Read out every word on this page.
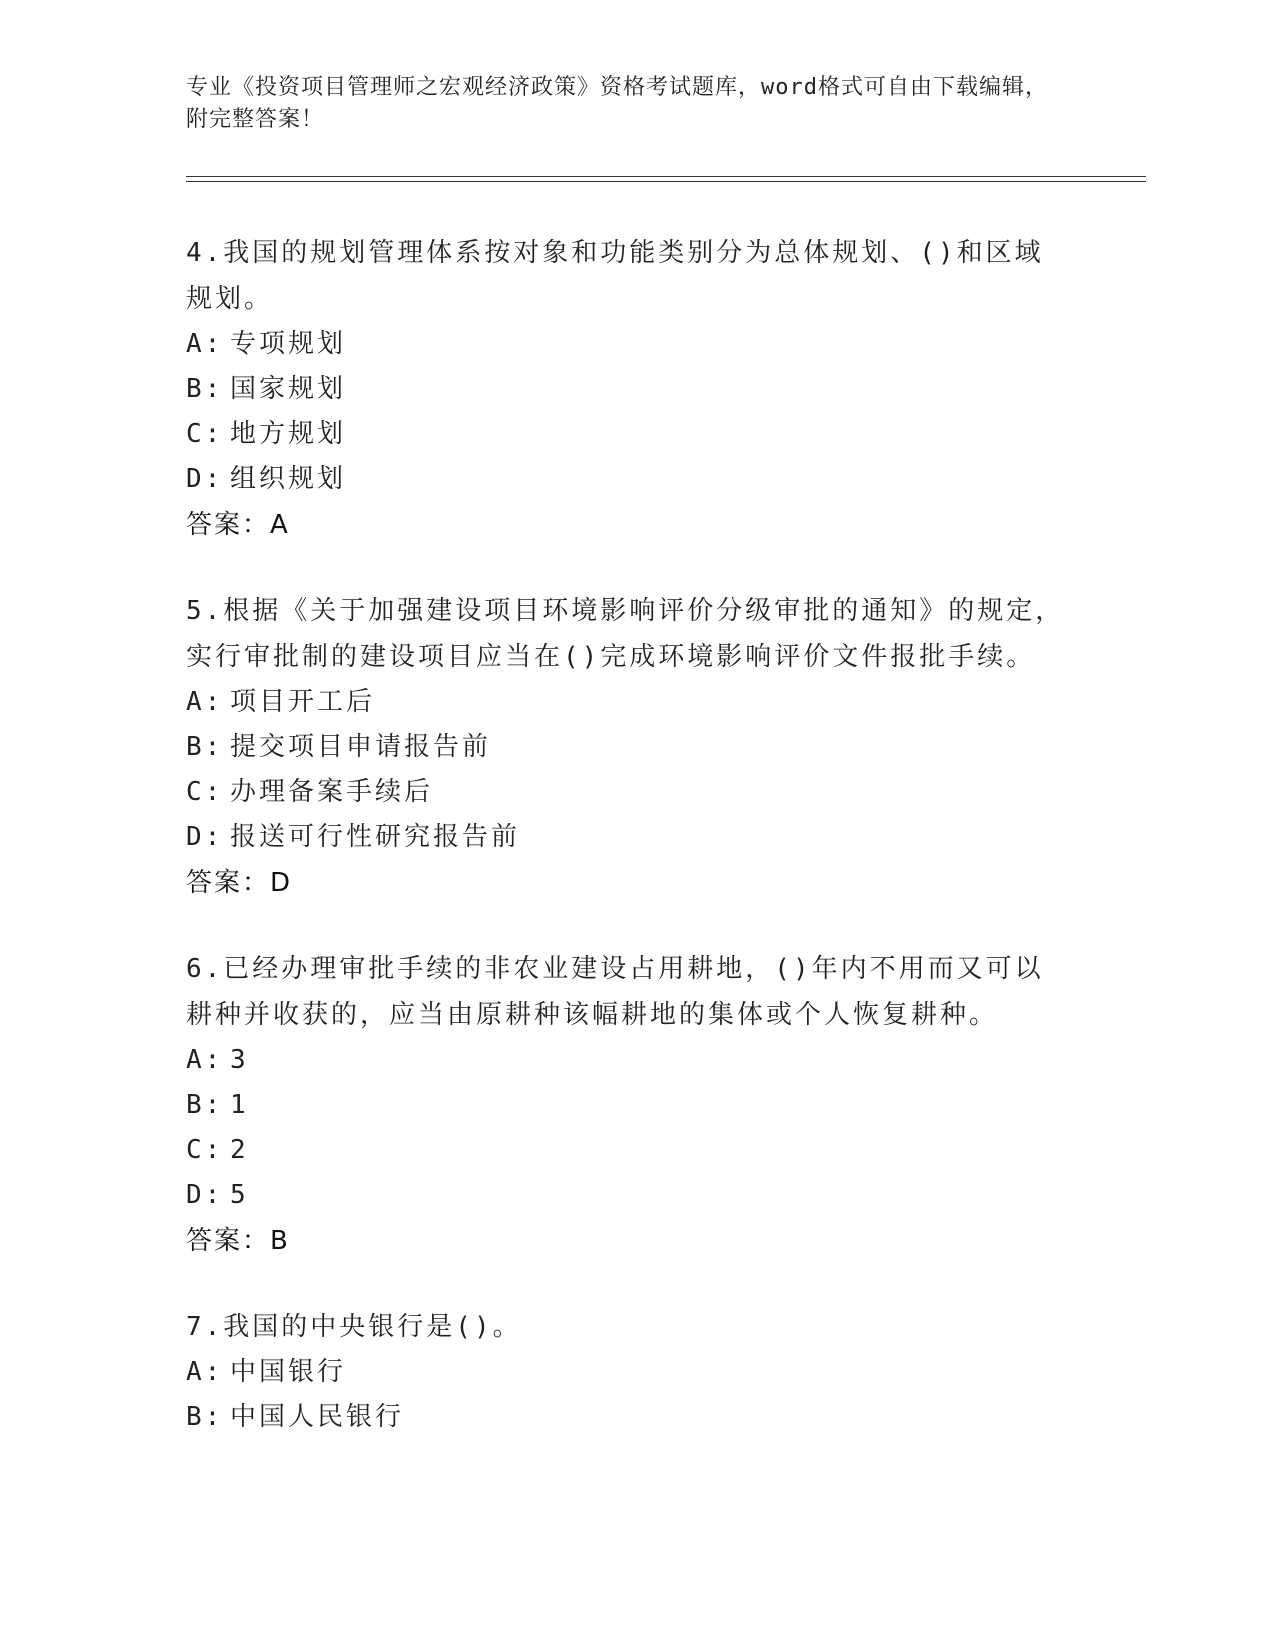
专业《投资项目管理师之宏观经济政策》资格考试题库，word格式可自由下载编辑，附完整答案！

4.我国的规划管理体系按对象和功能类别分为总体规划、()和区域规划。

A: 专项规划
B: 国家规划
C: 地方规划
D: 组织规划
答案：A

5.根据《关于加强建设项目环境影响评价分级审批的通知》的规定，实行审批制的建设项目应当在()完成环境影响评价文件报批手续。

A: 项目开工后
B: 提交项目申请报告前
C: 办理备案手续后
D: 报送可行性研究报告前
答案：D

6.已经办理审批手续的非农业建设占用耕地，()年内不用而又可以耕种并收获的，应当由原耕种该幅耕地的集体或个人恢复耕种。

A: 3
B: 1
C: 2
D: 5
答案：B

7.我国的中央银行是()。

A: 中国银行
B: 中国人民银行
